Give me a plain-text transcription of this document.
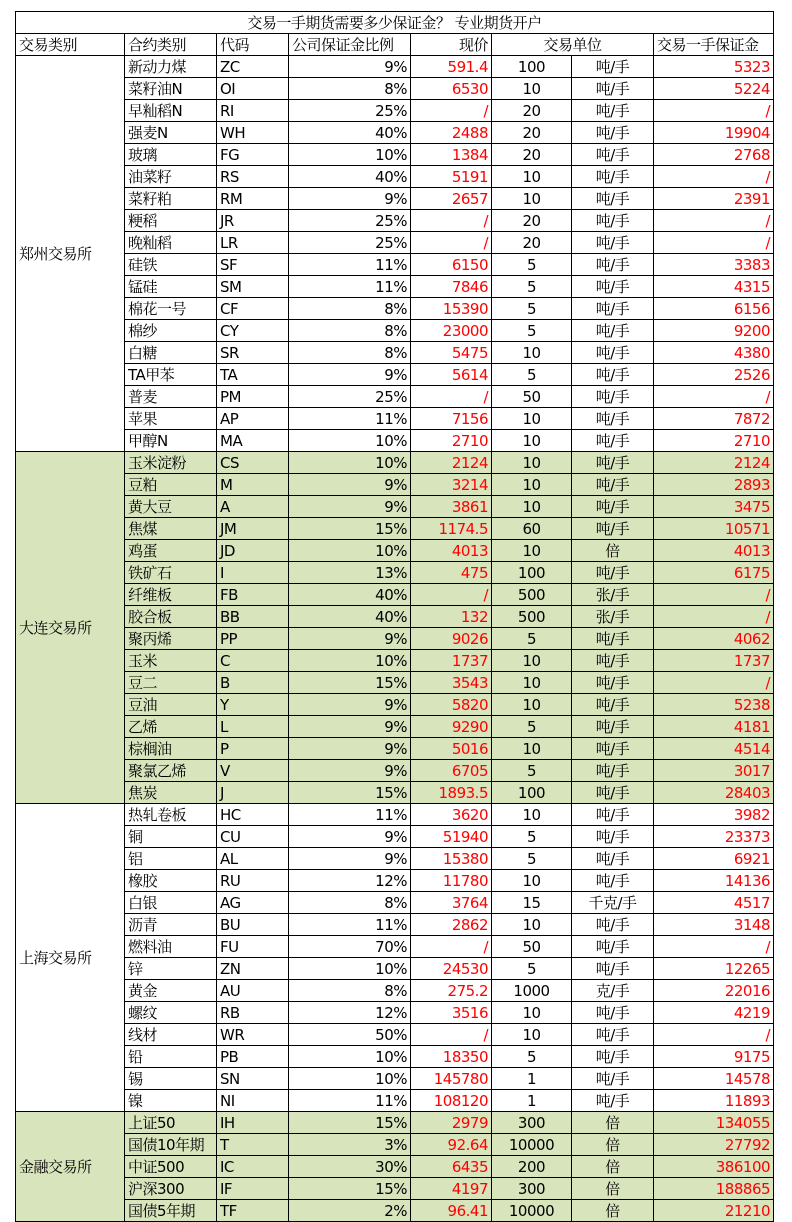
交易一手期货需要多少保证金？ 专业期货开户							
交易类别	合约类别	代码	公司保证金比例	现价	交易单位		交易一手保证金
郑州交易所	新动力煤	ZC	9%	591.4	100	吨/手	5323
	菜籽油N	OI	8%	6530	10	吨/手	5224
	早籼稻N	RI	25%	/	20	吨/手	/
	强麦N	WH	40%	2488	20	吨/手	19904
	玻璃	FG	10%	1384	20	吨/手	2768
	油菜籽	RS	40%	5191	10	吨/手	/
	菜籽粕	RM	9%	2657	10	吨/手	2391
	粳稻	JR	25%	/	20	吨/手	/
	晚籼稻	LR	25%	/	20	吨/手	/
	硅铁	SF	11%	6150	5	吨/手	3383
	锰硅	SM	11%	7846	5	吨/手	4315
	棉花一号	CF	8%	15390	5	吨/手	6156
	棉纱	CY	8%	23000	5	吨/手	9200
	白糖	SR	8%	5475	10	吨/手	4380
	TA甲苯	TA	9%	5614	5	吨/手	2526
	普麦	PM	25%	/	50	吨/手	/
	苹果	AP	11%	7156	10	吨/手	7872
	甲醇N	MA	10%	2710	10	吨/手	2710
大连交易所	玉米淀粉	CS	10%	2124	10	吨/手	2124
	豆粕	M	9%	3214	10	吨/手	2893
	黄大豆	A	9%	3861	10	吨/手	3475
	焦煤	JM	15%	1174.5	60	吨/手	10571
	鸡蛋	JD	10%	4013	10	倍	4013
	铁矿石	I	13%	475	100	吨/手	6175
	纤维板	FB	40%	/	500	张/手	/
	胶合板	BB	40%	132	500	张/手	/
	聚丙烯	PP	9%	9026	5	吨/手	4062
	玉米	C	10%	1737	10	吨/手	1737
	豆二	B	15%	3543	10	吨/手	/
	豆油	Y	9%	5820	10	吨/手	5238
	乙烯	L	9%	9290	5	吨/手	4181
	棕榈油	P	9%	5016	10	吨/手	4514
	聚氯乙烯	V	9%	6705	5	吨/手	3017
	焦炭	J	15%	1893.5	100	吨/手	28403
上海交易所	热轧卷板	HC	11%	3620	10	吨/手	3982
	铜	CU	9%	51940	5	吨/手	23373
	铝	AL	9%	15380	5	吨/手	6921
	橡胶	RU	12%	11780	10	吨/手	14136
	白银	AG	8%	3764	15	千克/手	4517
	沥青	BU	11%	2862	10	吨/手	3148
	燃料油	FU	70%	/	50	吨/手	/
	锌	ZN	10%	24530	5	吨/手	12265
	黄金	AU	8%	275.2	1000	克/手	22016
	螺纹	RB	12%	3516	10	吨/手	4219
	线材	WR	50%	/	10	吨/手	/
	铅	PB	10%	18350	5	吨/手	9175
	锡	SN	10%	145780	1	吨/手	14578
	镍	NI	11%	108120	1	吨/手	11893
金融交易所	上证50	IH	15%	2979	300	倍	134055
	国债10年期	T	3%	92.64	10000	倍	27792
	中证500	IC	30%	6435	200	倍	386100
	沪深300	IF	15%	4197	300	倍	188865
	国债5年期	TF	2%	96.41	10000	倍	21210
